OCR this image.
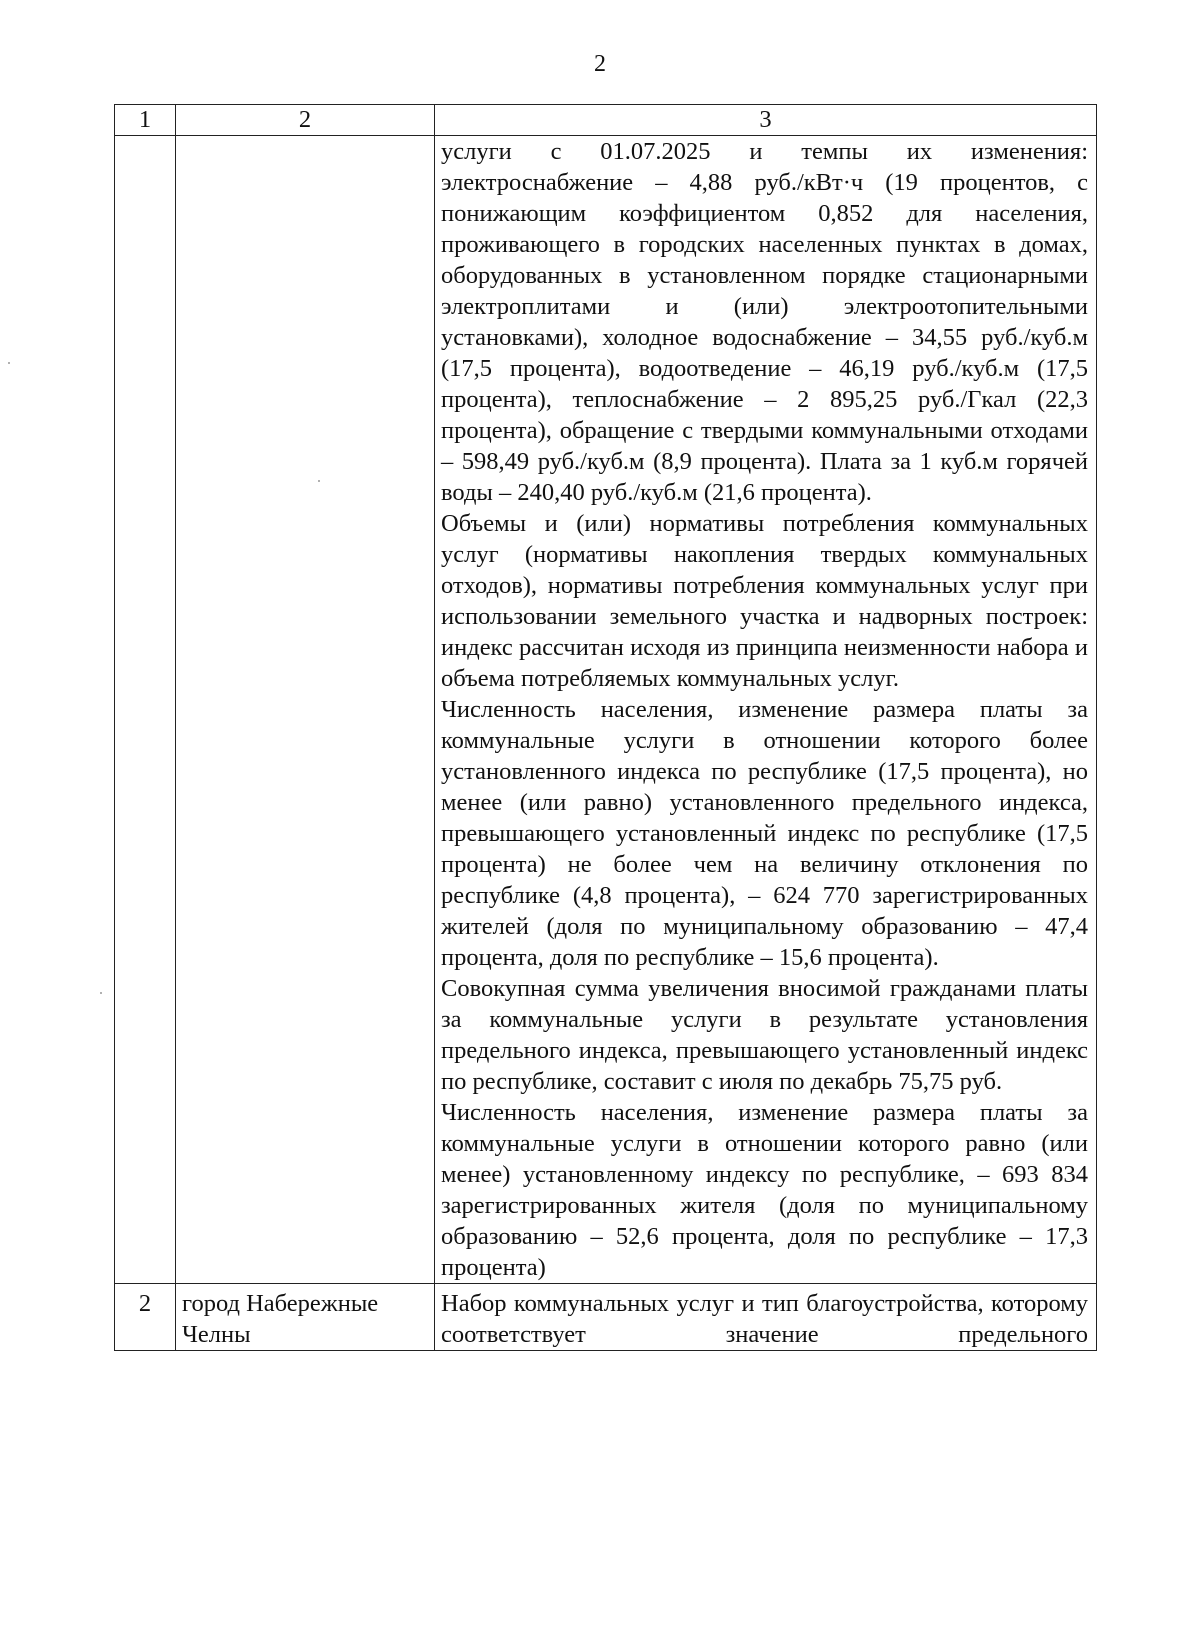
2
1	2	3

		услуги с 01.07.2025 и темпы их изменения: электроснабжение – 4,88 руб./кВт·ч (19 процентов, с понижающим коэффициентом 0,852 для населения, проживающего в городских населенных пунктах в домах, оборудованных в установленном порядке стационарными электроплитами и (или) электроотопительными установками), холодное водоснабжение – 34,55 руб./куб.м (17,5 процента), водоотведение – 46,19 руб./куб.м (17,5 процента), теплоснабжение – 2 895,25 руб./Гкал (22,3 процента), обращение с твердыми коммунальными отходами – 598,49 руб./куб.м (8,9 процента). Плата за 1 куб.м горячей воды – 240,40 руб./куб.м (21,6 процента).
Объемы и (или) нормативы потребления коммунальных услуг (нормативы накопления твердых коммунальных отходов), нормативы потребления коммунальных услуг при использовании земельного участка и надворных построек: индекс рассчитан исходя из принципа неизменности набора и объема потребляемых коммунальных услуг.
Численность населения, изменение размера платы за коммунальные услуги в отношении которого более установленного индекса по республике (17,5 процента), но менее (или равно) установленного предельного индекса, превышающего установленный индекс по республике (17,5 процента) не более чем на величину отклонения по республике (4,8 процента), – 624 770 зарегистрированных жителей (доля по муниципальному образованию – 47,4 процента, доля по республике – 15,6 процента).
Совокупная сумма увеличения вносимой гражданами платы за коммунальные услуги в результате установления предельного индекса, превышающего установленный индекс по республике, составит с июля по декабрь 75,75 руб.
Численность населения, изменение размера платы за коммунальные услуги в отношении которого равно (или менее) установленному индексу по республике, – 693 834 зарегистрированных жителя (доля по муниципальному образованию – 52,6 процента, доля по республике – 17,3 процента)

2	город Набережные Челны	Набор коммунальных услуг и тип благоустройства, которому соответствует значение предельного
